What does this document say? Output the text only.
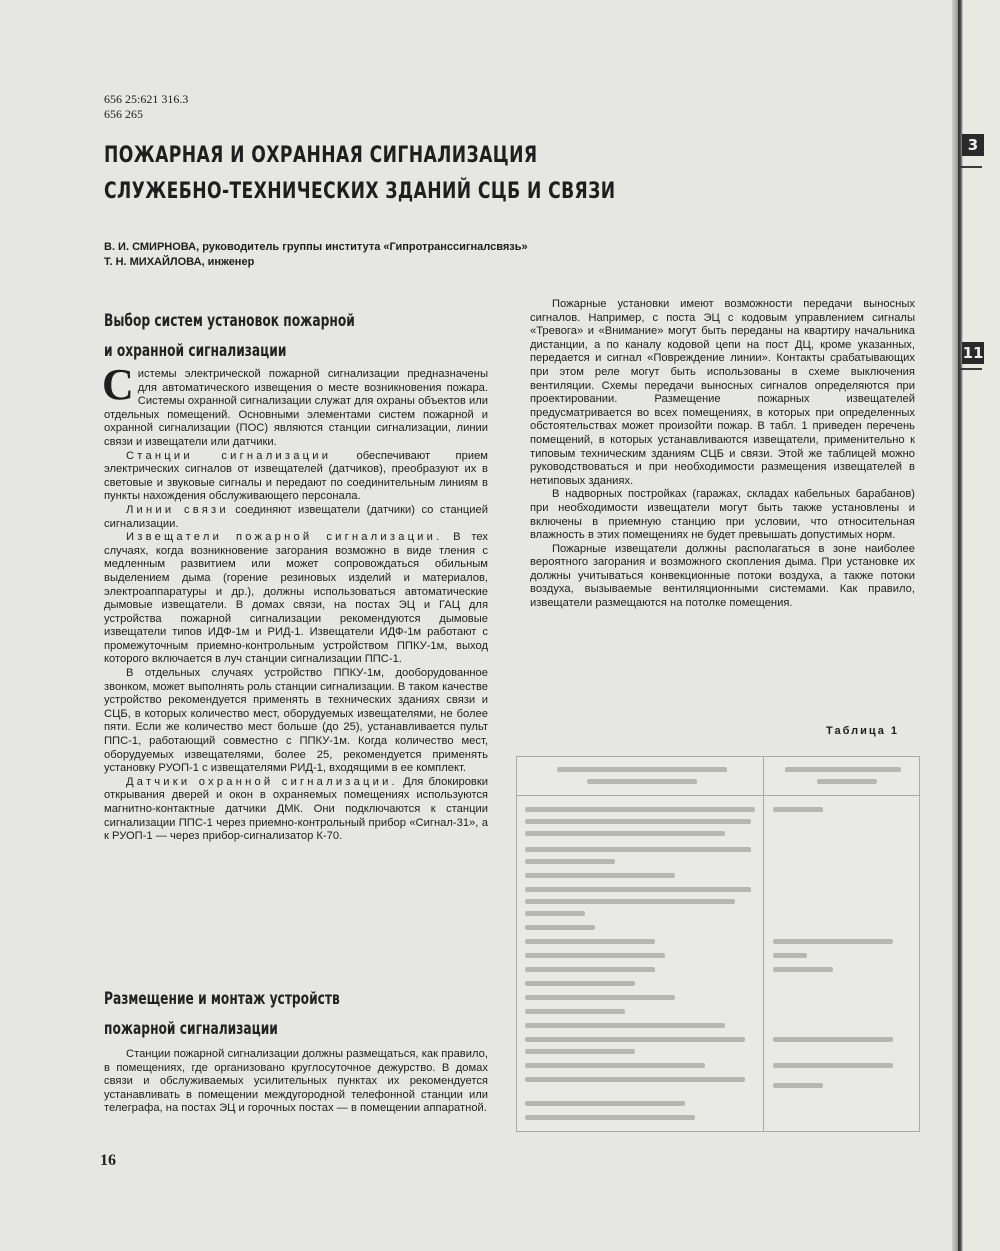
656 25:621 316.3
656 265
ПОЖАРНАЯ И ОХРАННАЯ СИГНАЛИЗАЦИЯ
СЛУЖЕБНО-ТЕХНИЧЕСКИХ ЗДАНИЙ СЦБ И СВЯЗИ
В. И. СМИРНОВА, руководитель группы института «Гипротранссигналсвязь»
Т. Н. МИХАЙЛОВА, инженер
Выбор систем установок пожарной
и охранной сигнализации

Системы электрической пожарной сигнализации предназначены для автоматического извещения о месте возникновения пожара. Системы охранной сигнализации служат для охраны объектов или отдельных помещений. Основными элементами систем пожарной и охранной сигнализации (ПОС) являются станции сигнализации, линии связи и извещатели или датчики.

Станции сигнализации обеспечивают прием электрических сигналов от извещателей (датчиков), преобразуют их в световые и звуковые сигналы и передают по соединительным линиям в пункты нахождения обслуживающего персонала.

Линии связи соединяют извещатели (датчики) со станцией сигнализации.

Извещатели пожарной сигнализации. В тех случаях, когда возникновение загорания возможно в виде тления с медленным развитием или может сопровождаться обильным выделением дыма (горение резиновых изделий и материалов, электроаппаратуры и др.), должны использоваться автоматические дымовые извещатели. В домах связи, на постах ЭЦ и ГАЦ для устройства пожарной сигнализации рекомендуются дымовые извещатели типов ИДФ-1м и РИД-1. Извещатели ИДФ-1м работают с промежуточным приемно-контрольным устройством ППКУ-1м, выход которого включается в луч станции сигнализации ППС-1.

В отдельных случаях устройство ППКУ-1м, дооборудованное звонком, может выполнять роль станции сигнализации. В таком качестве устройство рекомендуется применять в технических зданиях связи и СЦБ, в которых количество мест, оборудуемых извещателями, не более пяти. Если же количество мест больше (до 25), устанавливается пульт ППС-1, работающий совместно с ППКУ-1м. Когда количество мест, оборудуемых извещателями, более 25, рекомендуется применять установку РУОП-1 с извещателями РИД-1, входящими в ее комплект.

Датчики охранной сигнализации. Для блокировки открывания дверей и окон в охраняемых помещениях используются магнитно-контактные датчики ДМК. Они подключаются к станции сигнализации ППС-1 через приемно-контрольный прибор «Сигнал-31», а к РУОП-1 — через прибор-сигнализатор К-70.

Размещение и монтаж устройств
пожарной сигнализации

Станции пожарной сигнализации должны размещаться, как правило, в помещениях, где организовано круглосуточное дежурство. В домах связи и обслуживаемых усилительных пунктах их рекомендуется устанавливать в помещении междугородной телефонной станции или телеграфа, на постах ЭЦ и горочных постах — в помещении аппаратной.

Пожарные установки имеют возможности передачи выносных сигналов. Например, с поста ЭЦ с кодовым управлением сигналы «Тревога» и «Внимание» могут быть переданы на квартиру начальника дистанции, а по каналу кодовой цепи на пост ДЦ, кроме указанных, передается и сигнал «Повреждение линии». Контакты срабатывающих при этом реле могут быть использованы в схеме выключения вентиляции. Схемы передачи выносных сигналов определяются при проектировании. Размещение пожарных извещателей предусматривается во всех помещениях, в которых при определенных обстоятельствах может произойти пожар. В табл. 1 приведен перечень помещений, в которых устанавливаются извещатели, применительно к типовым техническим зданиям СЦБ и связи. Этой же таблицей можно руководствоваться и при необходимости размещения извещателей в нетиповых зданиях.

В надворных постройках (гаражах, складах кабельных барабанов) при необходимости извещатели могут быть также установлены и включены в приемную станцию при условии, что относительная влажность в этих помещениях не будет превышать допустимых норм.

Пожарные извещатели должны располагаться в зоне наиболее вероятного загорания и возможного скопления дыма. При установке их должны учитываться конвекционные потоки воздуха, а также потоки воздуха, вызываемые вентиляционными системами. Как правило, извещатели размещаются на потолке помещения.

Таблица 1
16
3
11
